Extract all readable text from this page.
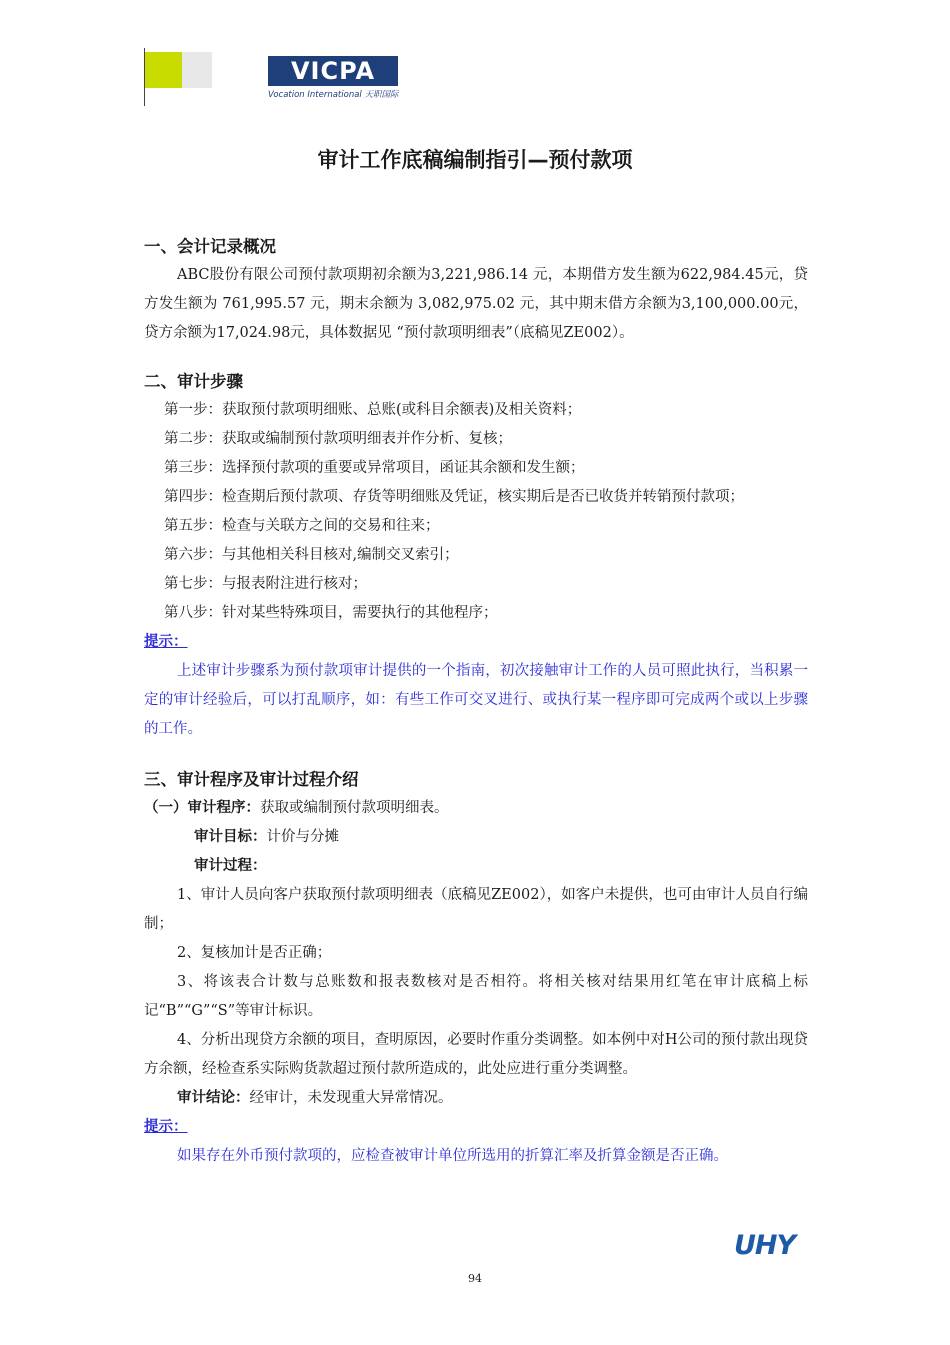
VICPA
Vocation International 天职国际
审计工作底稿编制指引—预付款项

一、会计记录概况

ABC股份有限公司预付款项期初余额为3,221,986.14 元，本期借方发生额为622,984.45元，贷方发生额为 761,995.57 元，期末余额为 3,082,975.02 元，其中期末借方余额为3,100,000.00元，贷方余额为17,024.98元，具体数据见 “预付款项明细表”（底稿见ZE002）。

二、审计步骤

第一步：获取预付款项明细账、总账(或科目余额表)及相关资料；

第二步：获取或编制预付款项明细表并作分析、复核；

第三步：选择预付款项的重要或异常项目，函证其余额和发生额；

第四步：检查期后预付款项、存货等明细账及凭证，核实期后是否已收货并转销预付款项；

第五步：检查与关联方之间的交易和往来；

第六步：与其他相关科目核对,编制交叉索引；

第七步：与报表附注进行核对；

第八步：针对某些特殊项目，需要执行的其他程序；

提示：

上述审计步骤系为预付款项审计提供的一个指南，初次接触审计工作的人员可照此执行，当积累一定的审计经验后，可以打乱顺序，如：有些工作可交叉进行、或执行某一程序即可完成两个或以上步骤的工作。

三、审计程序及审计过程介绍

（一）审计程序：获取或编制预付款项明细表。

审计目标：计价与分摊

审计过程：

1、审计人员向客户获取预付款项明细表（底稿见ZE002），如客户未提供，也可由审计人员自行编制；

2、复核加计是否正确；

3、将该表合计数与总账数和报表数核对是否相符。将相关核对结果用红笔在审计底稿上标记“B”“G”“S”等审计标识。

4、分析出现贷方余额的项目，查明原因，必要时作重分类调整。如本例中对H公司的预付款出现贷方余额，经检查系实际购货款超过预付款所造成的，此处应进行重分类调整。

审计结论：经审计，未发现重大异常情况。

提示：

如果存在外币预付款项的，应检查被审计单位所选用的折算汇率及折算金额是否正确。

UHY
94
